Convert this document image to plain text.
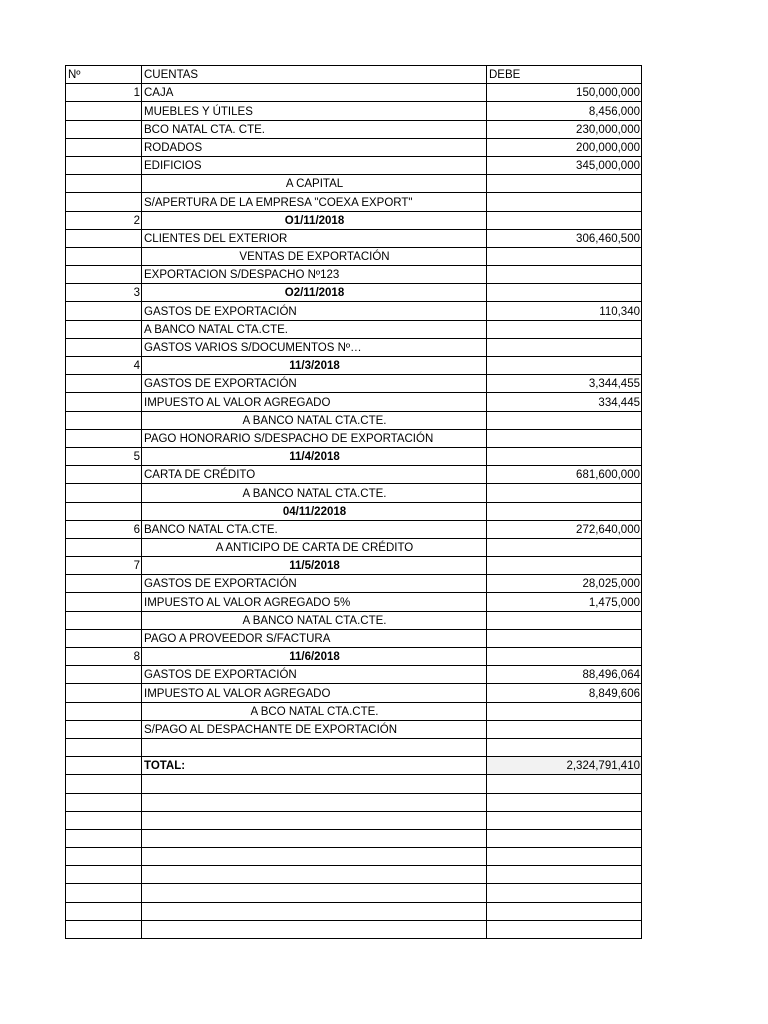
Nº	CUENTAS	DEBE
1	CAJA	150,000,000
	MUEBLES Y ÚTILES	8,456,000
	BCO NATAL CTA. CTE.	230,000,000
	RODADOS	200,000,000
	EDIFICIOS	345,000,000
	A CAPITAL	
	S/APERTURA DE LA EMPRESA "COEXA EXPORT"	
2	O1/11/2018	
	CLIENTES DEL EXTERIOR	306,460,500
	VENTAS DE EXPORTACIÓN	
	EXPORTACION S/DESPACHO Nº123	
3	O2/11/2018	
	GASTOS DE EXPORTACIÓN	110,340
	A BANCO NATAL CTA.CTE.	
	GASTOS VARIOS S/DOCUMENTOS Nº…	
4	11/3/2018	
	GASTOS DE EXPORTACIÓN	3,344,455
	IMPUESTO AL VALOR AGREGADO	334,445
	A BANCO NATAL CTA.CTE.	
	PAGO HONORARIO S/DESPACHO DE EXPORTACIÓN	
5	11/4/2018	
	CARTA DE CRÉDITO	681,600,000
	A BANCO NATAL CTA.CTE.	
	04/11/22018	
6	BANCO NATAL CTA.CTE.	272,640,000
	A ANTICIPO DE CARTA DE CRÉDITO	
7	11/5/2018	
	GASTOS DE EXPORTACIÓN	28,025,000
	IMPUESTO AL VALOR AGREGADO 5%	1,475,000
	A BANCO NATAL CTA.CTE.	
	PAGO A PROVEEDOR S/FACTURA	
8	11/6/2018	
	GASTOS DE EXPORTACIÓN	88,496,064
	IMPUESTO AL VALOR AGREGADO	8,849,606
	A BCO NATAL CTA.CTE.	
	S/PAGO AL DESPACHANTE DE EXPORTACIÓN	

	TOTAL:	2,324,791,410
